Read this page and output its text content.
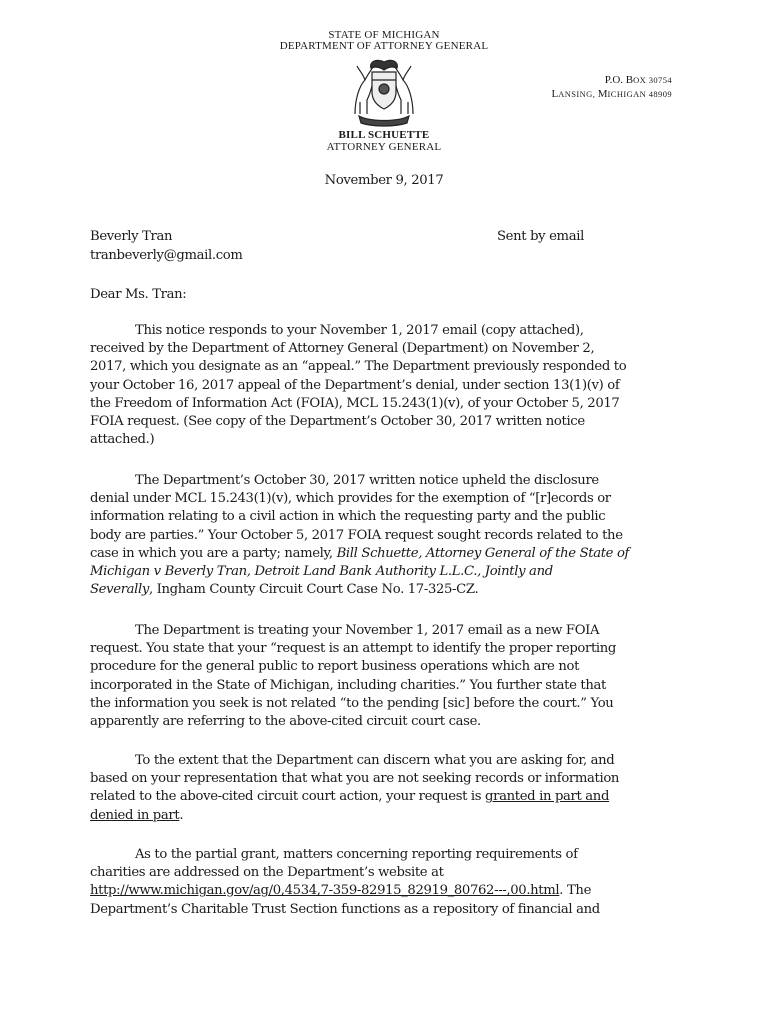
STATE OF MICHIGAN
DEPARTMENT OF ATTORNEY GENERAL
P.O. BOX 30754
LANSING, MICHIGAN 48909
BILL SCHUETTE
ATTORNEY GENERAL
November 9, 2017
Beverly Tran	Sent by email
tranbeverly@gmail.com
Dear Ms. Tran:
This notice responds to your November 1, 2017 email (copy attached),
received by the Department of Attorney General (Department) on November 2,
2017, which you designate as an “appeal.” The Department previously responded to
your October 16, 2017 appeal of the Department’s denial, under section 13(1)(v) of
the Freedom of Information Act (FOIA), MCL 15.243(1)(v), of your October 5, 2017
FOIA request. (See copy of the Department’s October 30, 2017 written notice
attached.)
The Department’s October 30, 2017 written notice upheld the disclosure
denial under MCL 15.243(1)(v), which provides for the exemption of “[r]ecords or
information relating to a civil action in which the requesting party and the public
body are parties.” Your October 5, 2017 FOIA request sought records related to the
case in which you are a party; namely, Bill Schuette, Attorney General of the State of
Michigan v Beverly Tran, Detroit Land Bank Authority L.L.C., Jointly and
Severally, Ingham County Circuit Court Case No. 17-325-CZ.
The Department is treating your November 1, 2017 email as a new FOIA
request. You state that your “request is an attempt to identify the proper reporting
procedure for the general public to report business operations which are not
incorporated in the State of Michigan, including charities.” You further state that
the information you seek is not related “to the pending [sic] before the court.” You
apparently are referring to the above-cited circuit court case.
To the extent that the Department can discern what you are asking for, and
based on your representation that what you are not seeking records or information
related to the above-cited circuit court action, your request is granted in part and
denied in part.
As to the partial grant, matters concerning reporting requirements of
charities are addressed on the Department’s website at
http://www.michigan.gov/ag/0,4534,7-359-82915_82919_80762---,00.html. The
Department’s Charitable Trust Section functions as a repository of financial and
